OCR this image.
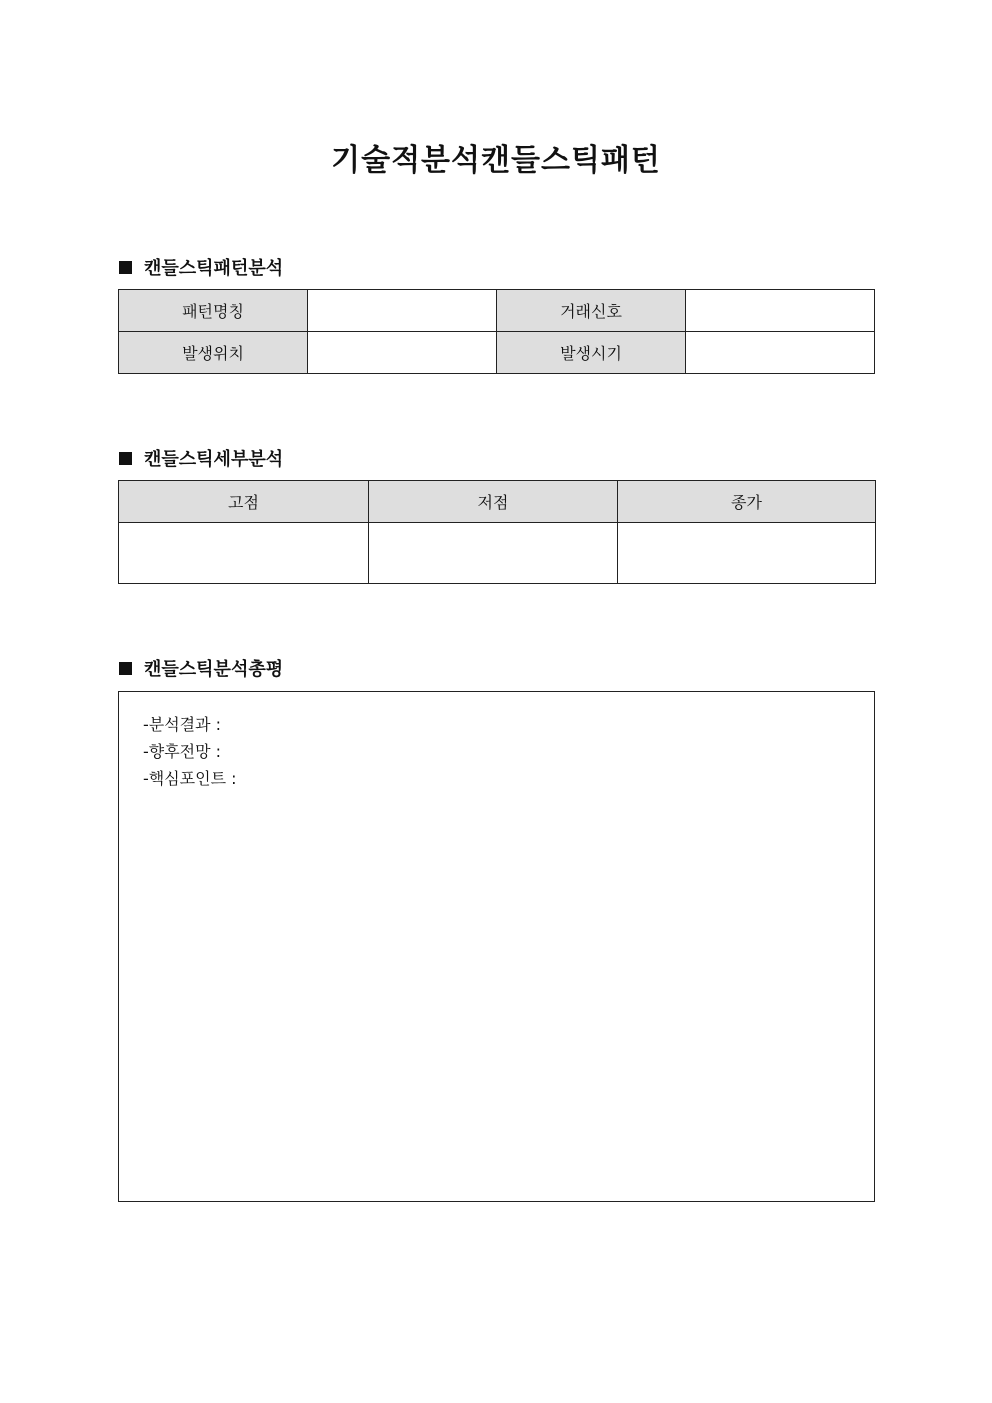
기술적분석캔들스틱패턴
캔들스틱패턴분석
패턴명칭		거래신호	
발생위치		발생시기	
캔들스틱세부분석
고점	저점	종가

캔들스틱분석총평
-분석결과 :
-향후전망 :
-핵심포인트 :
